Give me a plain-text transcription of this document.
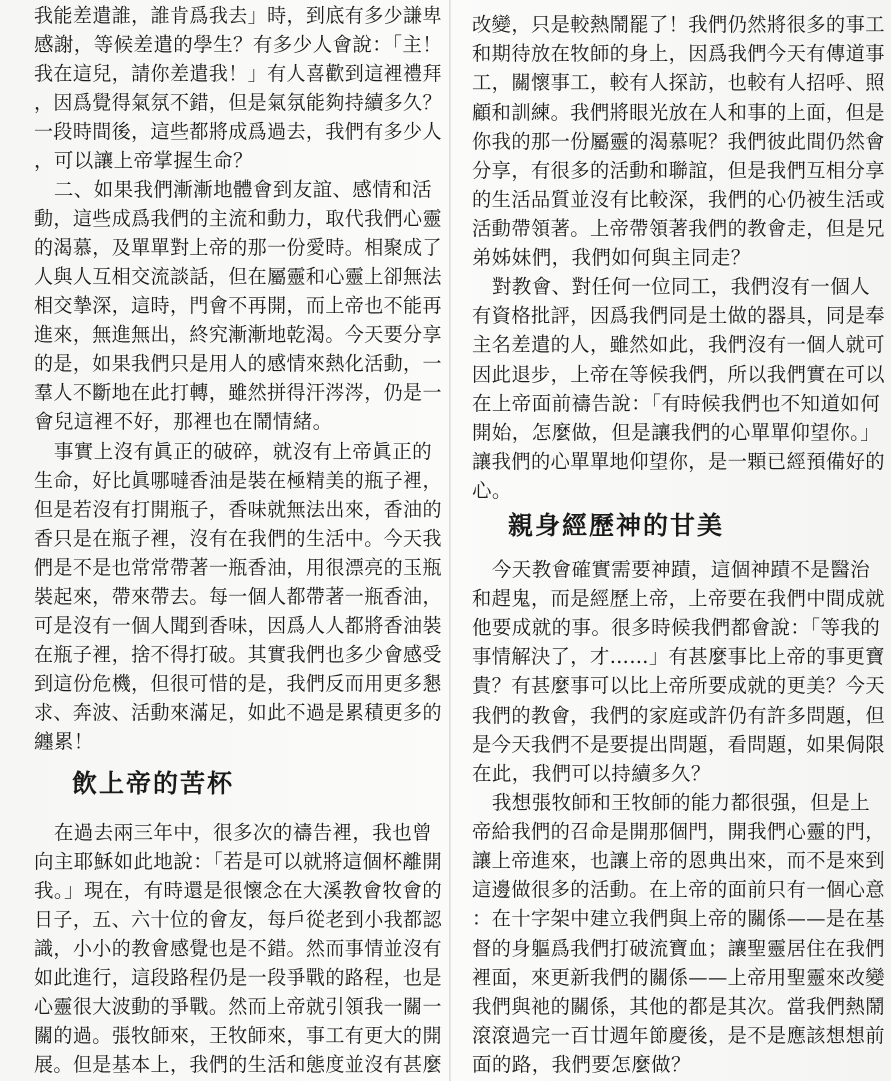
我能差遣誰，誰肯爲我去」時，到底有多少謙卑
感謝，等候差遣的學生？有多少人會說：「主！
我在這兒，請你差遣我！」有人喜歡到這裡禮拜
，因爲覺得氣氛不錯，但是氣氛能夠持續多久？
一段時間後，這些都將成爲過去，我們有多少人
，可以讓上帝掌握生命？
　二、如果我們漸漸地體會到友誼、感情和活
動，這些成爲我們的主流和動力，取代我們心靈
的渴慕，及單單對上帝的那一份愛時。相聚成了
人與人互相交流談話，但在屬靈和心靈上卻無法
相交摯深，這時，門會不再開，而上帝也不能再
進來，無進無出，終究漸漸地乾渴。今天要分享
的是，如果我們只是用人的感情來熱化活動，一
羣人不斷地在此打轉，雖然拼得汗涔涔，仍是一
會兒這裡不好，那裡也在鬧情緒。
　事實上沒有眞正的破碎，就沒有上帝眞正的
生命，好比眞哪噠香油是裝在極精美的瓶子裡，
但是若沒有打開瓶子，香味就無法出來，香油的
香只是在瓶子裡，沒有在我們的生活中。今天我
們是不是也常常帶著一瓶香油，用很漂亮的玉瓶
裝起來，帶來帶去。每一個人都帶著一瓶香油，
可是沒有一個人聞到香味，因爲人人都將香油裝
在瓶子裡，捨不得打破。其實我們也多少會感受
到這份危機，但很可惜的是，我們反而用更多懇
求、奔波、活動來滿足，如此不過是累積更多的
纏累！
飲上帝的苦杯
　在過去兩三年中，很多次的禱告裡，我也曾
向主耶穌如此地說：「若是可以就將這個杯離開
我。」現在，有時還是很懷念在大溪教會牧會的
日子，五、六十位的會友，每戶從老到小我都認
識，小小的教會感覺也是不錯。然而事情並沒有
如此進行，這段路程仍是一段爭戰的路程，也是
心靈很大波動的爭戰。然而上帝就引領我一關一
關的過。張牧師來，王牧師來，事工有更大的開
展。但是基本上，我們的生活和態度並沒有甚麼
改變，只是較熱鬧罷了！我們仍然將很多的事工
和期待放在牧師的身上，因爲我們今天有傳道事
工，關懷事工，較有人探訪，也較有人招呼、照
顧和訓練。我們將眼光放在人和事的上面，但是
你我的那一份屬靈的渴慕呢？我們彼此間仍然會
分享，有很多的活動和聯誼，但是我們互相分享
的生活品質並沒有比較深，我們的心仍被生活或
活動帶領著。上帝帶領著我們的教會走，但是兄
弟姊妹們，我們如何與主同走？
　對教會、對任何一位同工，我們沒有一個人
有資格批評，因爲我們同是土做的器具，同是奉
主名差遣的人，雖然如此，我們沒有一個人就可
因此退步，上帝在等候我們，所以我們實在可以
在上帝面前禱告說：「有時候我們也不知道如何
開始，怎麼做，但是讓我們的心單單仰望你。」
讓我們的心單單地仰望你，是一顆已經預備好的
心。
親身經歷神的甘美
　今天教會確實需要神蹟，這個神蹟不是醫治
和趕鬼，而是經歷上帝，上帝要在我們中間成就
他要成就的事。很多時候我們都會說：「等我的
事情解決了，才……」有甚麼事比上帝的事更寶
貴？有甚麼事可以比上帝所要成就的更美？今天
我們的教會，我們的家庭或許仍有許多問題，但
是今天我們不是要提出問題，看問題，如果侷限
在此，我們可以持續多久？
　我想張牧師和王牧師的能力都很强，但是上
帝給我們的召命是開那個門，開我們心靈的門，
讓上帝進來，也讓上帝的恩典出來，而不是來到
這邊做很多的活動。在上帝的面前只有一個心意
：在十字架中建立我們與上帝的關係——是在基
督的身軀爲我們打破流寶血；讓聖靈居住在我們
裡面，來更新我們的關係——上帝用聖靈來改變
我們與祂的關係，其他的都是其次。當我們熱鬧
滾滾過完一百廿週年節慶後，是不是應該想想前
面的路，我們要怎麼做？
